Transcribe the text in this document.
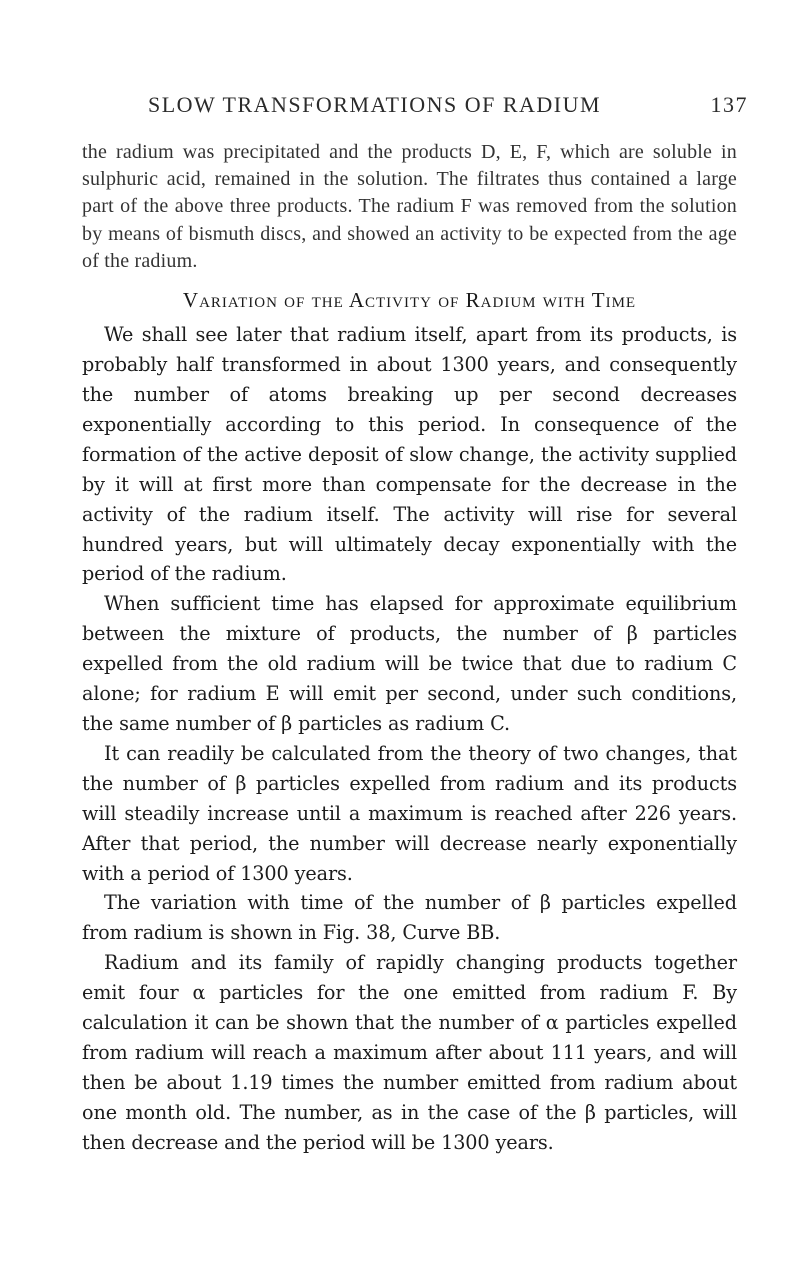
SLOW TRANSFORMATIONS OF RADIUM	137

the radium was precipitated and the products D, E, F, which are soluble in sulphuric acid, remained in the solution. The filtrates thus contained a large part of the above three products. The radium F was removed from the solution by means of bismuth discs, and showed an activity to be expected from the age of the radium.

Variation of the Activity of Radium with Time

We shall see later that radium itself, apart from its products, is probably half transformed in about 1300 years, and consequently the number of atoms breaking up per second decreases exponentially according to this period. In consequence of the formation of the active deposit of slow change, the activity supplied by it will at first more than compensate for the decrease in the activity of the radium itself. The activity will rise for several hundred years, but will ultimately decay exponentially with the period of the radium.

When sufficient time has elapsed for approximate equilibrium between the mixture of products, the number of β particles expelled from the old radium will be twice that due to radium C alone; for radium E will emit per second, under such conditions, the same number of β particles as radium C.

It can readily be calculated from the theory of two changes, that the number of β particles expelled from radium and its products will steadily increase until a maximum is reached after 226 years. After that period, the number will decrease nearly exponentially with a period of 1300 years.

The variation with time of the number of β particles expelled from radium is shown in Fig. 38, Curve BB.

Radium and its family of rapidly changing products together emit four α particles for the one emitted from radium F. By calculation it can be shown that the number of α particles expelled from radium will reach a maximum after about 111 years, and will then be about 1.19 times the number emitted from radium about one month old. The number, as in the case of the β particles, will then decrease and the period will be 1300 years.
